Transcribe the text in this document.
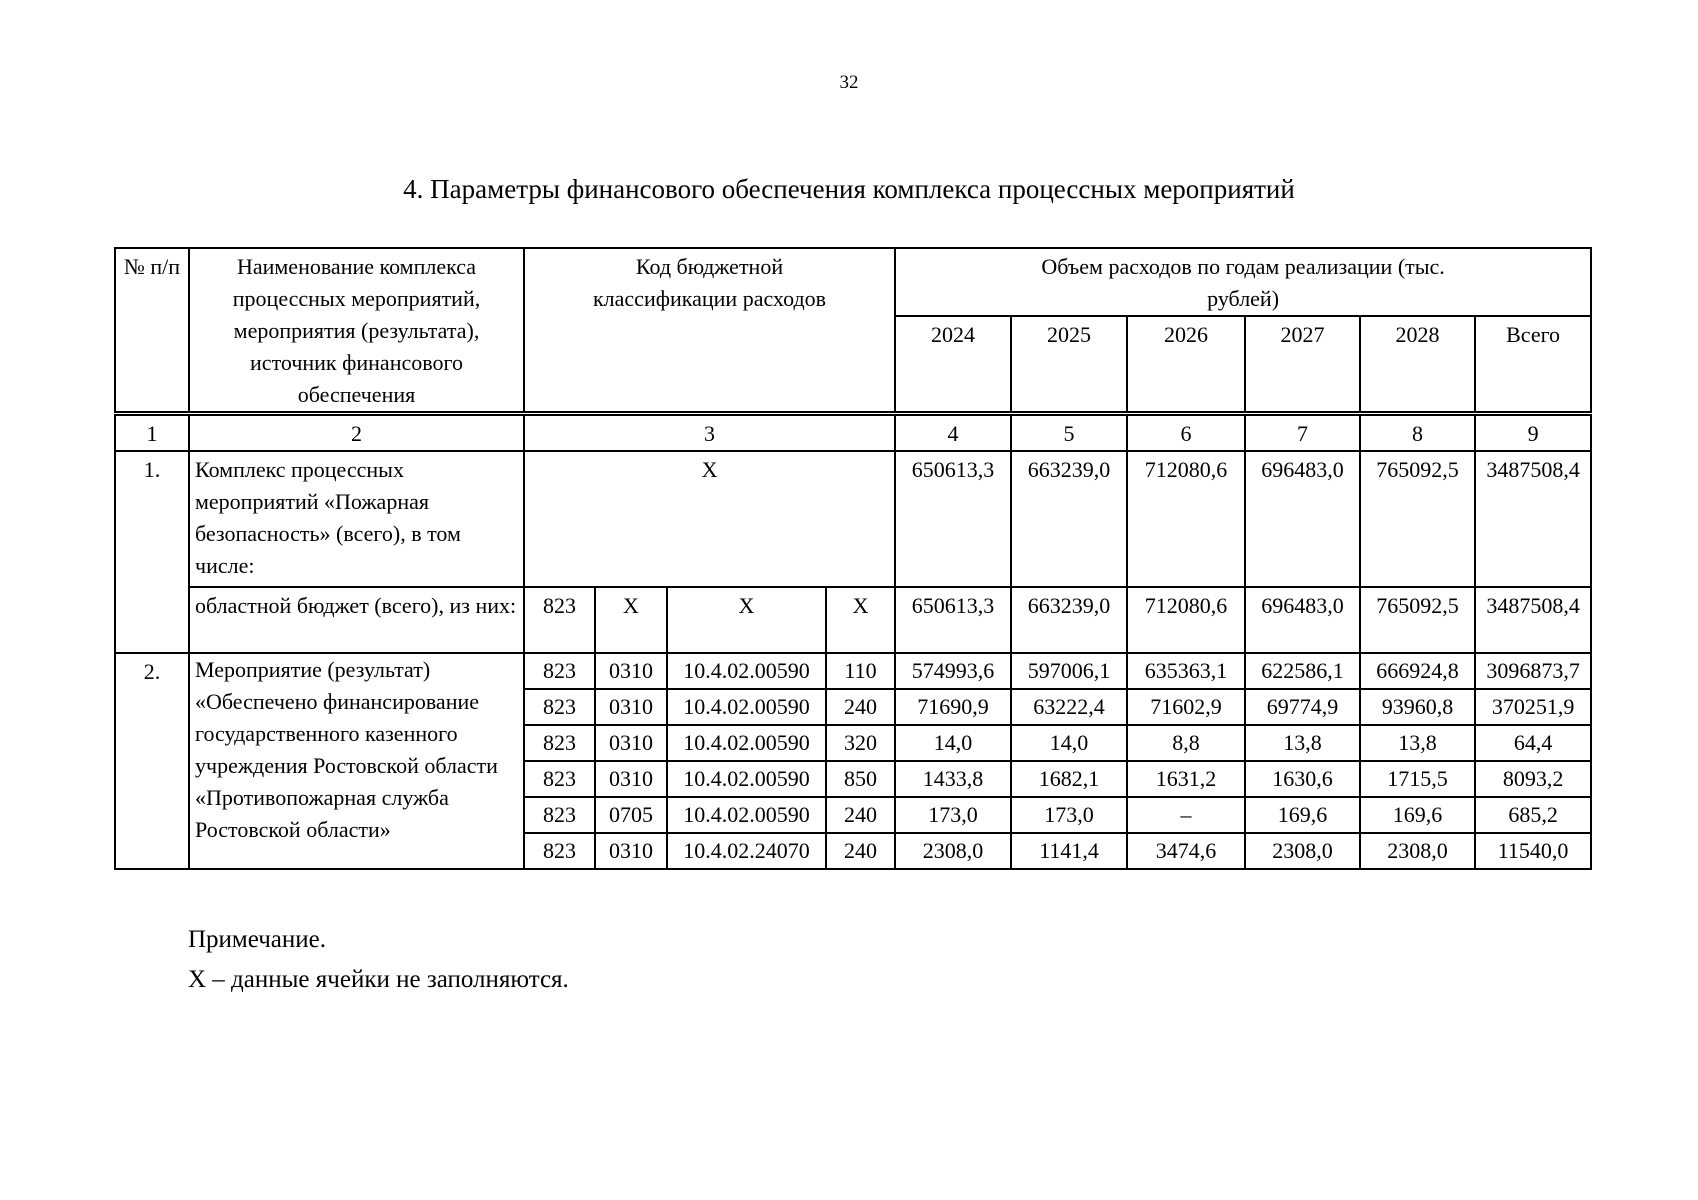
32
4. Параметры финансового обеспечения комплекса процессных мероприятий
№ п/п	Наименование комплекса процессных мероприятий, мероприятия (результата), источник финансового обеспечения	Код бюджетной классификации расходов				Объем расходов по годам реализации (тыс. рублей)					
						2024	2025	2026	2027	2028	Всего
1	2	3				4	5	6	7	8	9
1.	Комплекс процессных мероприятий «Пожарная безопасность» (всего), в том числе:	X				650613,3	663239,0	712080,6	696483,0	765092,5	3487508,4
	областной бюджет (всего), из них:	823	X	X	X	650613,3	663239,0	712080,6	696483,0	765092,5	3487508,4
2.	Мероприятие (результат) «Обеспечено финансирование государственного казенного учреждения Ростовской области «Противопожарная служба Ростовской области»	823	0310	10.4.02.00590	110	574993,6	597006,1	635363,1	622586,1	666924,8	3096873,7
		823	0310	10.4.02.00590	240	71690,9	63222,4	71602,9	69774,9	93960,8	370251,9
		823	0310	10.4.02.00590	320	14,0	14,0	8,8	13,8	13,8	64,4
		823	0310	10.4.02.00590	850	1433,8	1682,1	1631,2	1630,6	1715,5	8093,2
		823	0705	10.4.02.00590	240	173,0	173,0	–	169,6	169,6	685,2
		823	0310	10.4.02.24070	240	2308,0	1141,4	3474,6	2308,0	2308,0	11540,0
Примечание.
X – данные ячейки не заполняются.
